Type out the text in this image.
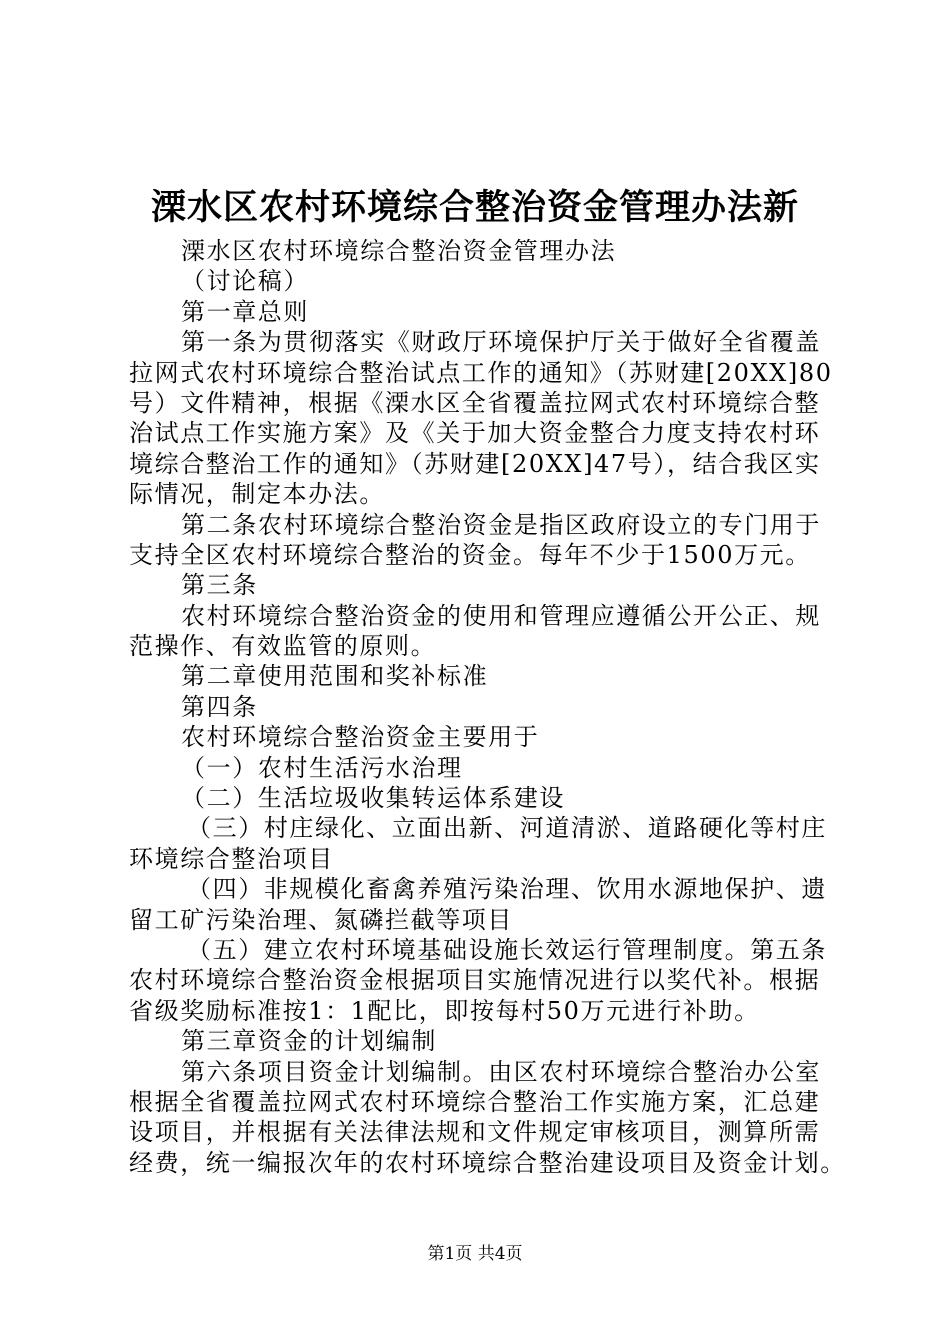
溧水区农村环境综合整治资金管理办法新
溧水区农村环境综合整治资金管理办法
（讨论稿）
第一章总则
第一条为贯彻落实《财政厅环境保护厅关于做好全省覆盖
拉网式农村环境综合整治试点工作的通知》（苏财建[20XX]80
号）文件精神，根据《溧水区全省覆盖拉网式农村环境综合整
治试点工作实施方案》及《关于加大资金整合力度支持农村环
境综合整治工作的通知》（苏财建[20XX]47号），结合我区实
际情况，制定本办法。
第二条农村环境综合整治资金是指区政府设立的专门用于
支持全区农村环境综合整治的资金。每年不少于1500万元。
第三条
农村环境综合整治资金的使用和管理应遵循公开公正、规
范操作、有效监管的原则。
第二章使用范围和奖补标准
第四条
农村环境综合整治资金主要用于
（一）农村生活污水治理
（二）生活垃圾收集转运体系建设
（三）村庄绿化、立面出新、河道清淤、道路硬化等村庄
环境综合整治项目
（四）非规模化畜禽养殖污染治理、饮用水源地保护、遗
留工矿污染治理、氮磷拦截等项目
（五）建立农村环境基础设施长效运行管理制度。第五条
农村环境综合整治资金根据项目实施情况进行以奖代补。根据
省级奖励标准按1：1配比，即按每村50万元进行补助。
第三章资金的计划编制
第六条项目资金计划编制。由区农村环境综合整治办公室
根据全省覆盖拉网式农村环境综合整治工作实施方案，汇总建
设项目，并根据有关法律法规和文件规定审核项目，测算所需
经费，统一编报次年的农村环境综合整治建设项目及资金计划。
第1页 共4页
